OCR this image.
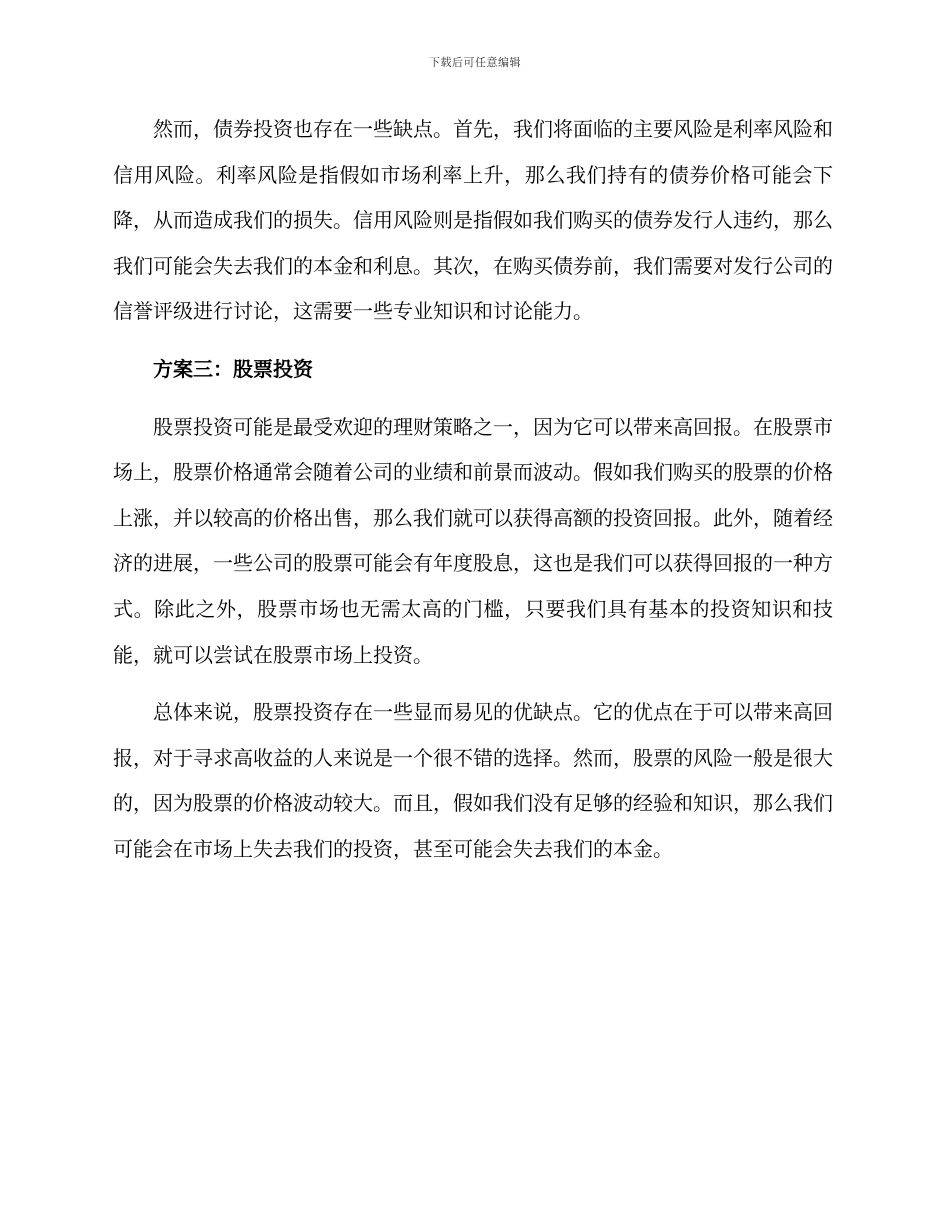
下载后可任意编辑

然而，债券投资也存在一些缺点。首先，我们将面临的主要风险是利率风险和信用风险。利率风险是指假如市场利率上升，那么我们持有的债券价格可能会下降，从而造成我们的损失。信用风险则是指假如我们购买的债券发行人违约，那么我们可能会失去我们的本金和利息。其次，在购买债券前，我们需要对发行公司的信誉评级进行讨论，这需要一些专业知识和讨论能力。

方案三：股票投资

股票投资可能是最受欢迎的理财策略之一，因为它可以带来高回报。在股票市场上，股票价格通常会随着公司的业绩和前景而波动。假如我们购买的股票的价格上涨，并以较高的价格出售，那么我们就可以获得高额的投资回报。此外，随着经济的进展，一些公司的股票可能会有年度股息，这也是我们可以获得回报的一种方式。除此之外，股票市场也无需太高的门槛，只要我们具有基本的投资知识和技能，就可以尝试在股票市场上投资。

总体来说，股票投资存在一些显而易见的优缺点。它的优点在于可以带来高回报，对于寻求高收益的人来说是一个很不错的选择。然而，股票的风险一般是很大的，因为股票的价格波动较大。而且，假如我们没有足够的经验和知识，那么我们可能会在市场上失去我们的投资，甚至可能会失去我们的本金。
